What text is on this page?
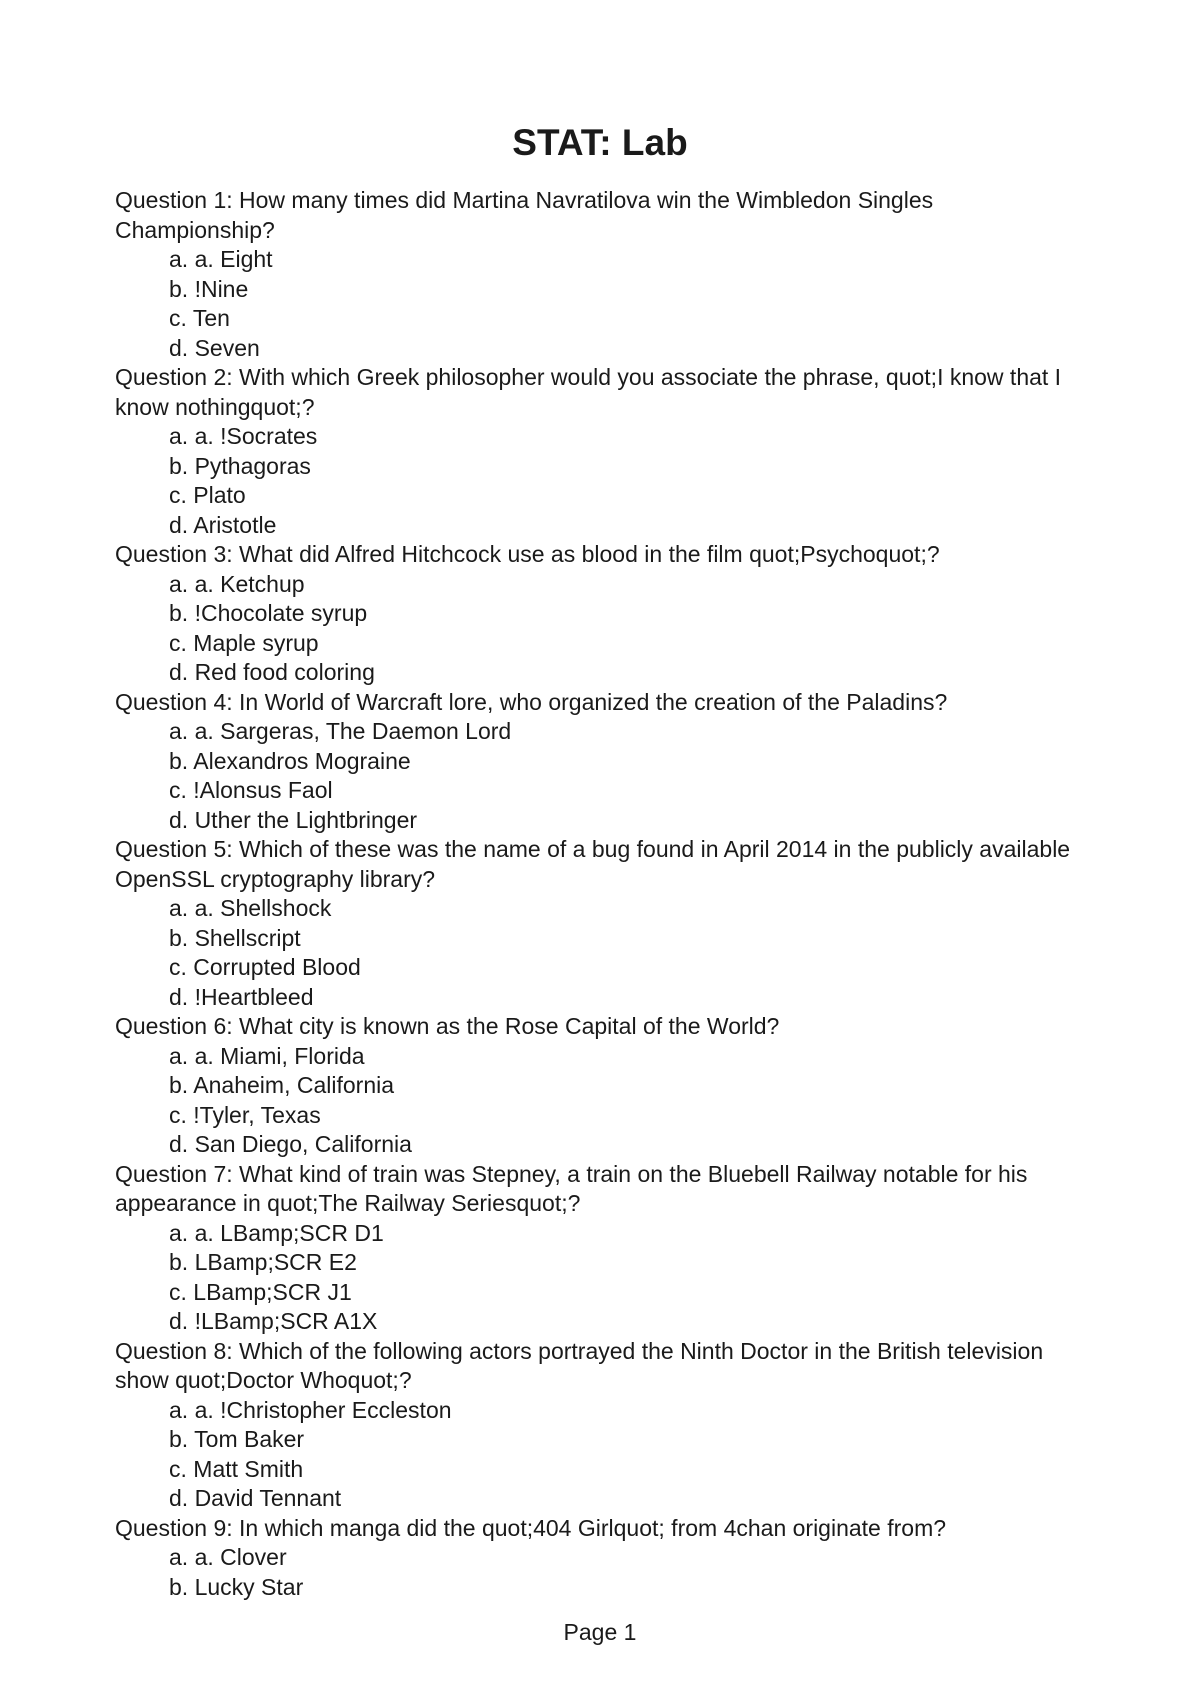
STAT: Lab

Question 1: How many times did Martina Navratilova win the Wimbledon Singles Championship?

a. a. Eight
b. !Nine
c. Ten
d. Seven

Question 2: With which Greek philosopher would you associate the phrase, quot;I know that I know nothingquot;?

a. a. !Socrates
b. Pythagoras
c. Plato
d. Aristotle

Question 3: What did Alfred Hitchcock use as blood in the film quot;Psychoquot;?

a. a. Ketchup
b. !Chocolate syrup
c. Maple syrup
d. Red food coloring

Question 4: In World of Warcraft lore, who organized the creation of the Paladins?

a. a. Sargeras, The Daemon Lord
b. Alexandros Mograine
c. !Alonsus Faol
d. Uther the Lightbringer

Question 5: Which of these was the name of a bug found in April 2014 in the publicly available OpenSSL cryptography library?

a. a. Shellshock
b. Shellscript
c. Corrupted Blood
d. !Heartbleed

Question 6: What city is known as the Rose Capital of the World?

a. a. Miami, Florida
b. Anaheim, California
c. !Tyler, Texas
d. San Diego, California

Question 7: What kind of train was Stepney, a train on the Bluebell Railway notable for his appearance in quot;The Railway Seriesquot;?

a. a. LBamp;SCR D1
b. LBamp;SCR E2
c. LBamp;SCR J1
d. !LBamp;SCR A1X

Question 8: Which of the following actors portrayed the Ninth Doctor in the British television show quot;Doctor Whoquot;?

a. a. !Christopher Eccleston
b. Tom Baker
c. Matt Smith
d. David Tennant

Question 9: In which manga did the quot;404 Girlquot; from 4chan originate from?

a. a. Clover
b. Lucky Star
Page 1
